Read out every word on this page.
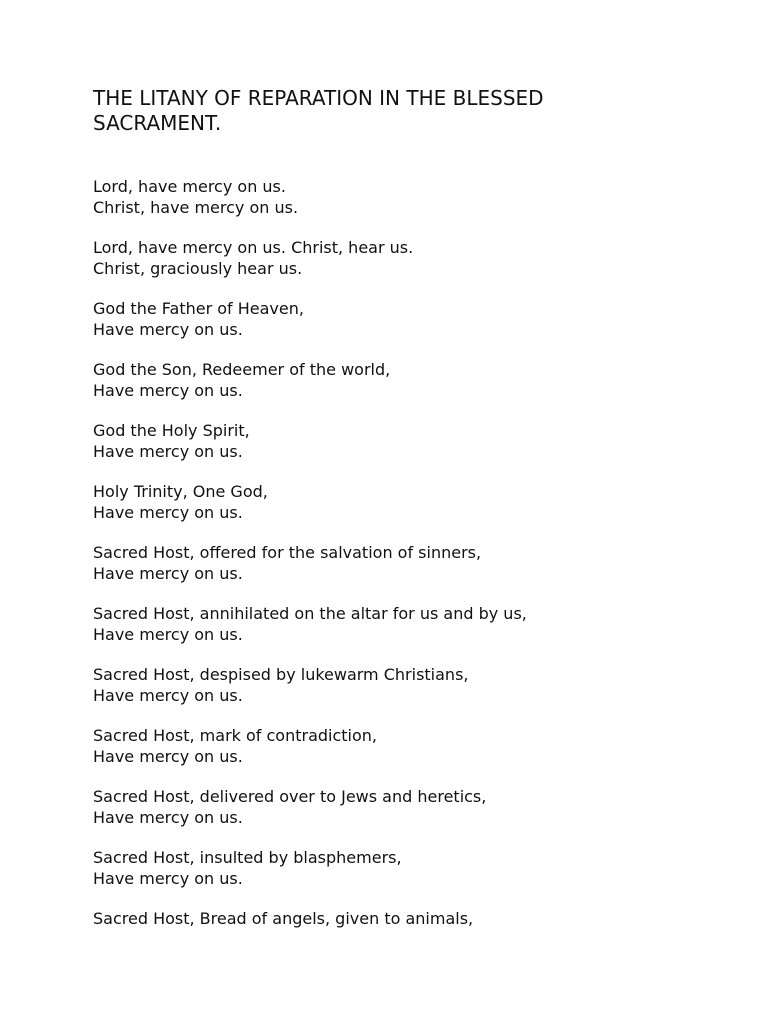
THE LITANY OF REPARATION IN THE BLESSED
SACRAMENT.
Lord, have mercy on us.
Christ, have mercy on us.
Lord, have mercy on us. Christ, hear us.
Christ, graciously hear us.
God the Father of Heaven,
Have mercy on us.
God the Son, Redeemer of the world,
Have mercy on us.
God the Holy Spirit,
Have mercy on us.
Holy Trinity, One God,
Have mercy on us.
Sacred Host, offered for the salvation of sinners,
Have mercy on us.
Sacred Host, annihilated on the altar for us and by us,
Have mercy on us.
Sacred Host, despised by lukewarm Christians,
Have mercy on us.
Sacred Host, mark of contradiction,
Have mercy on us.
Sacred Host, delivered over to Jews and heretics,
Have mercy on us.
Sacred Host, insulted by blasphemers,
Have mercy on us.
Sacred Host, Bread of angels, given to animals,
